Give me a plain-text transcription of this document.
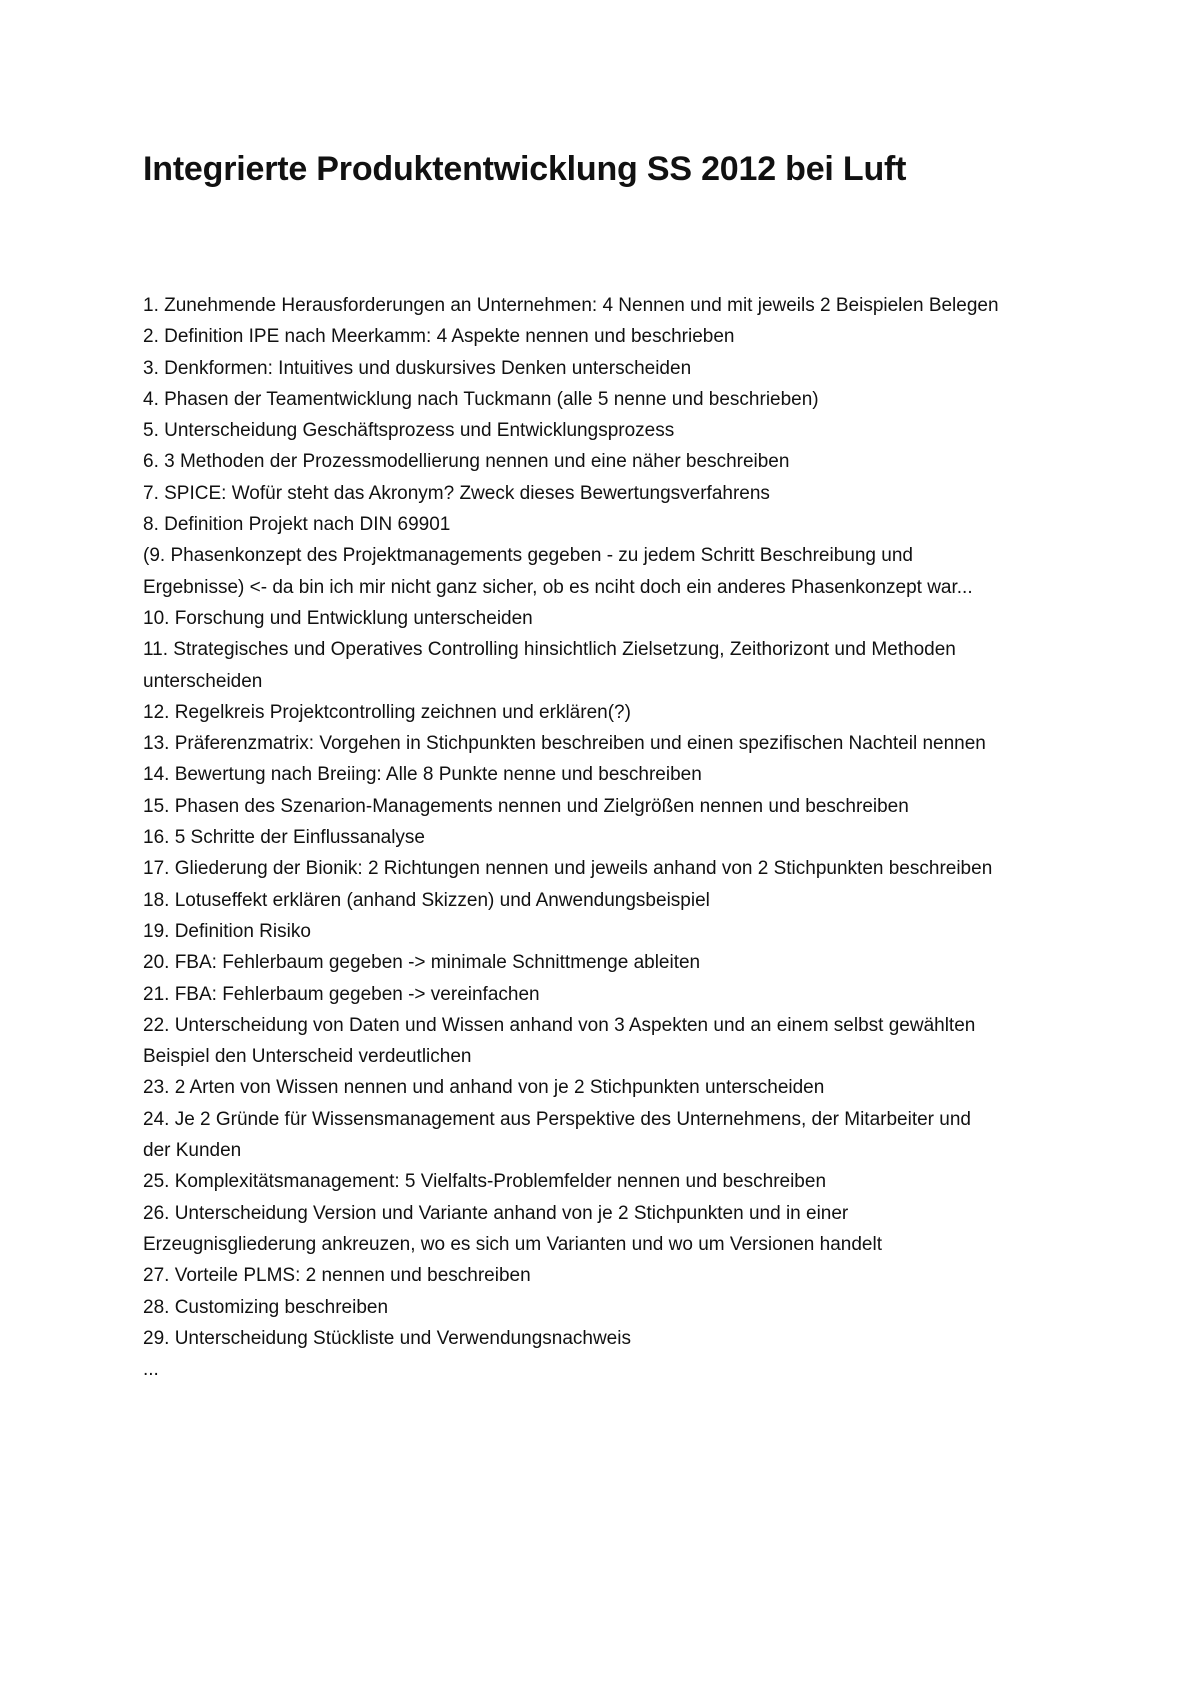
Integrierte Produktentwicklung SS 2012 bei Luft
1. Zunehmende Herausforderungen an Unternehmen: 4 Nennen und mit jeweils 2 Beispielen Belegen
2. Definition IPE nach Meerkamm: 4 Aspekte nennen und beschrieben
3. Denkformen: Intuitives und duskursives Denken unterscheiden
4. Phasen der Teamentwicklung nach Tuckmann (alle 5 nenne und beschrieben)
5. Unterscheidung Geschäftsprozess und Entwicklungsprozess
6. 3 Methoden der Prozessmodellierung nennen und eine näher beschreiben
7. SPICE: Wofür steht das Akronym? Zweck dieses Bewertungsverfahrens
8. Definition Projekt nach DIN 69901
(9. Phasenkonzept des Projektmanagements gegeben - zu jedem Schritt Beschreibung und
Ergebnisse) <- da bin ich mir nicht ganz sicher, ob es nciht doch ein anderes Phasenkonzept war...
10. Forschung und Entwicklung unterscheiden
11. Strategisches und Operatives Controlling hinsichtlich Zielsetzung, Zeithorizont und Methoden
unterscheiden
12. Regelkreis Projektcontrolling zeichnen und erklären(?)
13. Präferenzmatrix: Vorgehen in Stichpunkten beschreiben und einen spezifischen Nachteil nennen
14. Bewertung nach Breiing: Alle 8 Punkte nenne und beschreiben
15. Phasen des Szenarion-Managements nennen und Zielgrößen nennen und beschreiben
16. 5 Schritte der Einflussanalyse
17. Gliederung der Bionik: 2 Richtungen nennen und jeweils anhand von 2 Stichpunkten beschreiben
18. Lotuseffekt erklären (anhand Skizzen) und Anwendungsbeispiel
19. Definition Risiko
20. FBA: Fehlerbaum gegeben -> minimale Schnittmenge ableiten
21. FBA: Fehlerbaum gegeben -> vereinfachen
22. Unterscheidung von Daten und Wissen anhand von 3 Aspekten und an einem selbst gewählten
Beispiel den Unterscheid verdeutlichen
23. 2 Arten von Wissen nennen und anhand von je 2 Stichpunkten unterscheiden
24. Je 2 Gründe für Wissensmanagement aus Perspektive des Unternehmens, der Mitarbeiter und
der Kunden
25. Komplexitätsmanagement: 5 Vielfalts-Problemfelder nennen und beschreiben
26. Unterscheidung Version und Variante anhand von je 2 Stichpunkten und in einer
Erzeugnisgliederung ankreuzen, wo es sich um Varianten und wo um Versionen handelt
27. Vorteile PLMS: 2 nennen und beschreiben
28. Customizing beschreiben
29. Unterscheidung Stückliste und Verwendungsnachweis
...
